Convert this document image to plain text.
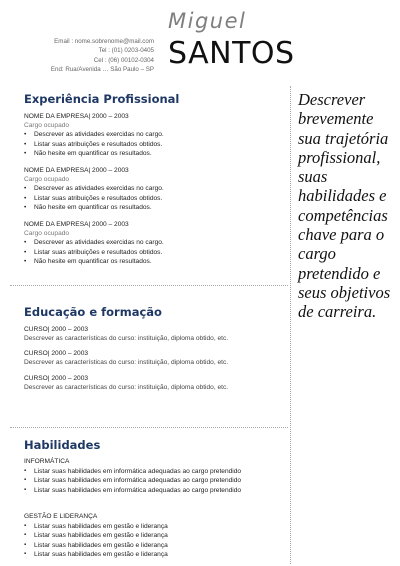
Email : nome.sobrenome@mail.com
Tel : (01) 0203-0405
Cel : (06) 00102-0304
End: Rua/Avenida … São Paulo – SP
Miguel
SANTOS
Experiência Profissional
NOME DA EMPRESA| 2000 – 2003
Cargo ocupado
• Descrever as atividades exercidas no cargo.
• Listar suas atribuições e resultados obtidos.
• Não hesite em quantificar os resultados.
NOME DA EMPRESA| 2000 – 2003
Cargo ocupado
• Descrever as atividades exercidas no cargo.
• Listar suas atribuições e resultados obtidos.
• Não hesite em quantificar os resultados.
NOME DA EMPRESA| 2000 – 2003
Cargo ocupado
• Descrever as atividades exercidas no cargo.
• Listar suas atribuições e resultados obtidos.
• Não hesite em quantificar os resultados.
Educação e formação
CURSO| 2000 – 2003
Descrever as características do curso: instituição, diploma obtido, etc.
CURSO| 2000 – 2003
Descrever as características do curso: instituição, diploma obtido, etc.
CURSO| 2000 – 2003
Descrever as características do curso: instituição, diploma obtido, etc.
Habilidades
INFORMÁTICA
▪ Listar suas habilidades em informática adequadas ao cargo pretendido
▪ Listar suas habilidades em informática adequadas ao cargo pretendido
▪ Listar suas habilidades em informática adequadas ao cargo pretendido
GESTÃO E LIDERANÇA
▪ Listar suas habilidades em gestão e liderança
▪ Listar suas habilidades em gestão e liderança
▪ Listar suas habilidades em gestão e liderança
▪ Listar suas habilidades em gestão e liderança
Descrever brevemente sua trajetória profissional, suas habilidades e competências chave para o cargo pretendido e seus objetivos de carreira.
